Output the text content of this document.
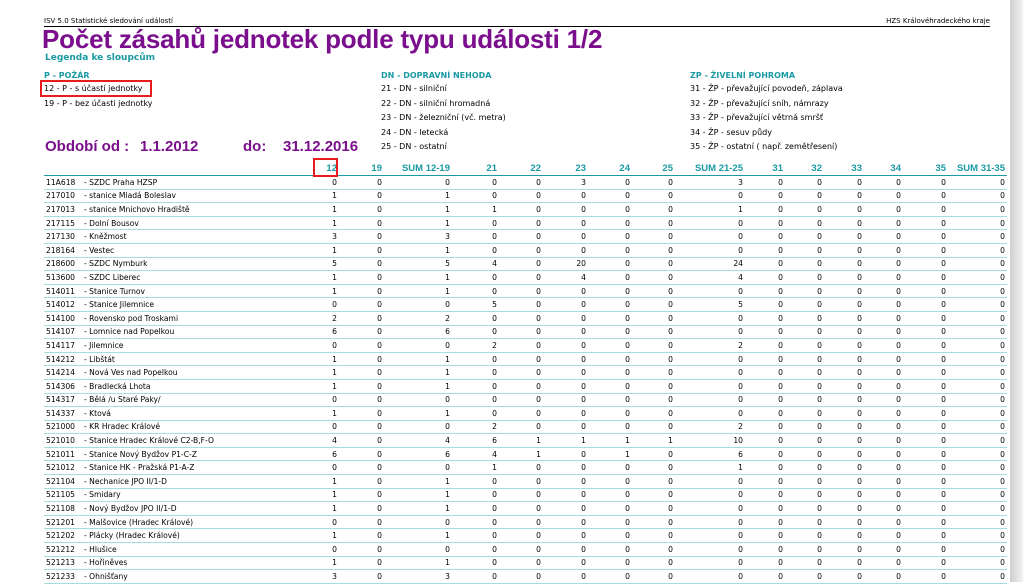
ISV 5.0 Statistické sledování událostí	HZS Královéhradeckého kraje
Počet zásahů jednotek podle typu události 1/2
Legenda ke sloupcům
P - POŽÁR
12 - P - s účastí jednotky
19 - P - bez účasti jednotky
DN - DOPRAVNÍ NEHODA
21 - DN - silniční
22 - DN - silniční hromadná
23 - DN - železniční (vč. metra)
24 - DN - letecká
25 - DN - ostatní
ZP - ŽIVELNÍ POHROMA
31 - ŽP - převažující povodeň, záplava
32 - ŽP - převažující sníh, námrazy
33 - ŽP - převažující větrná smršť
34 - ŽP - sesuv půdy
35 - ŽP - ostatní ( např. zemětřesení)
Období od : 1.1.2012	do: 31.12.2016
		12	19	SUM 12-19	21	22	23	24	25	SUM 21-25	31	32	33	34	35	SUM 31-35
11A618	- SZDC Praha HZSP	0	0	0	0	0	3	0	0	3	0	0	0	0	0	0
217010	- stanice Mladá Boleslav	1	0	1	0	0	0	0	0	0	0	0	0	0	0	0
217013	- stanice Mnichovo Hradiště	1	0	1	1	0	0	0	0	1	0	0	0	0	0	0
217115	- Dolní Bousov	1	0	1	0	0	0	0	0	0	0	0	0	0	0	0
217130	- Kněžmost	3	0	3	0	0	0	0	0	0	0	0	0	0	0	0
218164	- Vestec	1	0	1	0	0	0	0	0	0	0	0	0	0	0	0
218600	- SZDC Nymburk	5	0	5	4	0	20	0	0	24	0	0	0	0	0	0
513600	- SZDC Liberec	1	0	1	0	0	4	0	0	4	0	0	0	0	0	0
514011	- Stanice Turnov	1	0	1	0	0	0	0	0	0	0	0	0	0	0	0
514012	- Stanice Jilemnice	0	0	0	5	0	0	0	0	5	0	0	0	0	0	0
514100	- Rovensko pod Troskami	2	0	2	0	0	0	0	0	0	0	0	0	0	0	0
514107	- Lomnice nad Popelkou	6	0	6	0	0	0	0	0	0	0	0	0	0	0	0
514117	- Jilemnice	0	0	0	2	0	0	0	0	2	0	0	0	0	0	0
514212	- Libštát	1	0	1	0	0	0	0	0	0	0	0	0	0	0	0
514214	- Nová Ves nad Popelkou	1	0	1	0	0	0	0	0	0	0	0	0	0	0	0
514306	- Bradlecká Lhota	1	0	1	0	0	0	0	0	0	0	0	0	0	0	0
514317	- Bělá /u Staré Paky/	0	0	0	0	0	0	0	0	0	0	0	0	0	0	0
514337	- Ktová	1	0	1	0	0	0	0	0	0	0	0	0	0	0	0
521000	- KR Hradec Králové	0	0	0	2	0	0	0	0	2	0	0	0	0	0	0
521010	- Stanice Hradec Králové C2-B,F-O	4	0	4	6	1	1	1	1	10	0	0	0	0	0	0
521011	- Stanice Nový Bydžov P1-C-Z	6	0	6	4	1	0	1	0	6	0	0	0	0	0	0
521012	- Stanice HK - Pražská P1-A-Z	0	0	0	1	0	0	0	0	1	0	0	0	0	0	0
521104	- Nechanice JPO II/1-D	1	0	1	0	0	0	0	0	0	0	0	0	0	0	0
521105	- Smidary	1	0	1	0	0	0	0	0	0	0	0	0	0	0	0
521108	- Nový Bydžov JPO II/1-D	1	0	1	0	0	0	0	0	0	0	0	0	0	0	0
521201	- Malšovice (Hradec Králové)	0	0	0	0	0	0	0	0	0	0	0	0	0	0	0
521202	- Plácky (Hradec Králové)	1	0	1	0	0	0	0	0	0	0	0	0	0	0	0
521212	- Hlušice	0	0	0	0	0	0	0	0	0	0	0	0	0	0	0
521213	- Hořiněves	1	0	1	0	0	0	0	0	0	0	0	0	0	0	0
521233	- Ohnišťany	3	0	3	0	0	0	0	0	0	0	0	0	0	0	0
